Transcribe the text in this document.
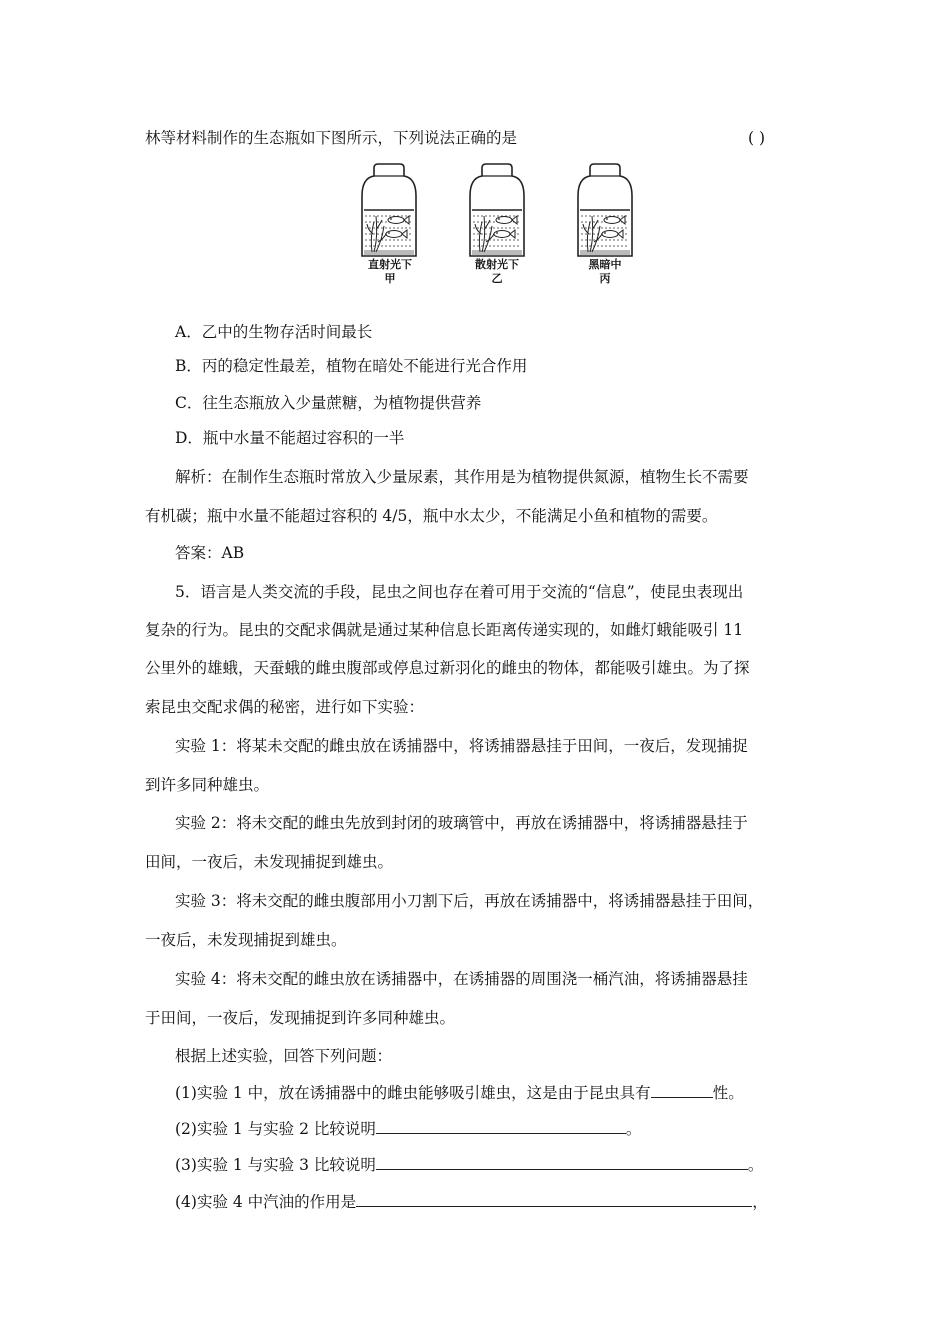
林等材料制作的生态瓶如下图所示，下列说法正确的是	( )
直射光下
甲
散射光下
乙
黑暗中
丙
A．乙中的生物存活时间最长
B．丙的稳定性最差，植物在暗处不能进行光合作用
C．往生态瓶放入少量蔗糖，为植物提供营养
D．瓶中水量不能超过容积的一半
解析：在制作生态瓶时常放入少量尿素，其作用是为植物提供氮源，植物生长不需要
有机碳；瓶中水量不能超过容积的 4/5，瓶中水太少，不能满足小鱼和植物的需要。
答案：AB
5．语言是人类交流的手段，昆虫之间也存在着可用于交流的“信息”，使昆虫表现出
复杂的行为。昆虫的交配求偶就是通过某种信息长距离传递实现的，如雌灯蛾能吸引 11
公里外的雄蛾，天蚕蛾的雌虫腹部或停息过新羽化的雌虫的物体，都能吸引雄虫。为了探
索昆虫交配求偶的秘密，进行如下实验：
实验 1：将某未交配的雌虫放在诱捕器中，将诱捕器悬挂于田间，一夜后，发现捕捉
到许多同种雄虫。
实验 2：将未交配的雌虫先放到封闭的玻璃管中，再放在诱捕器中，将诱捕器悬挂于
田间，一夜后，未发现捕捉到雄虫。
实验 3：将未交配的雌虫腹部用小刀割下后，再放在诱捕器中，将诱捕器悬挂于田间，
一夜后，未发现捕捉到雄虫。
实验 4：将未交配的雌虫放在诱捕器中，在诱捕器的周围浇一桶汽油，将诱捕器悬挂
于田间，一夜后，发现捕捉到许多同种雄虫。
根据上述实验，回答下列问题：
(1)实验 1 中，放在诱捕器中的雌虫能够吸引雄虫，这是由于昆虫具有	性。
(2)实验 1 与实验 2 比较说明	。
(3)实验 1 与实验 3 比较说明	。
(4)实验 4 中汽油的作用是	，
